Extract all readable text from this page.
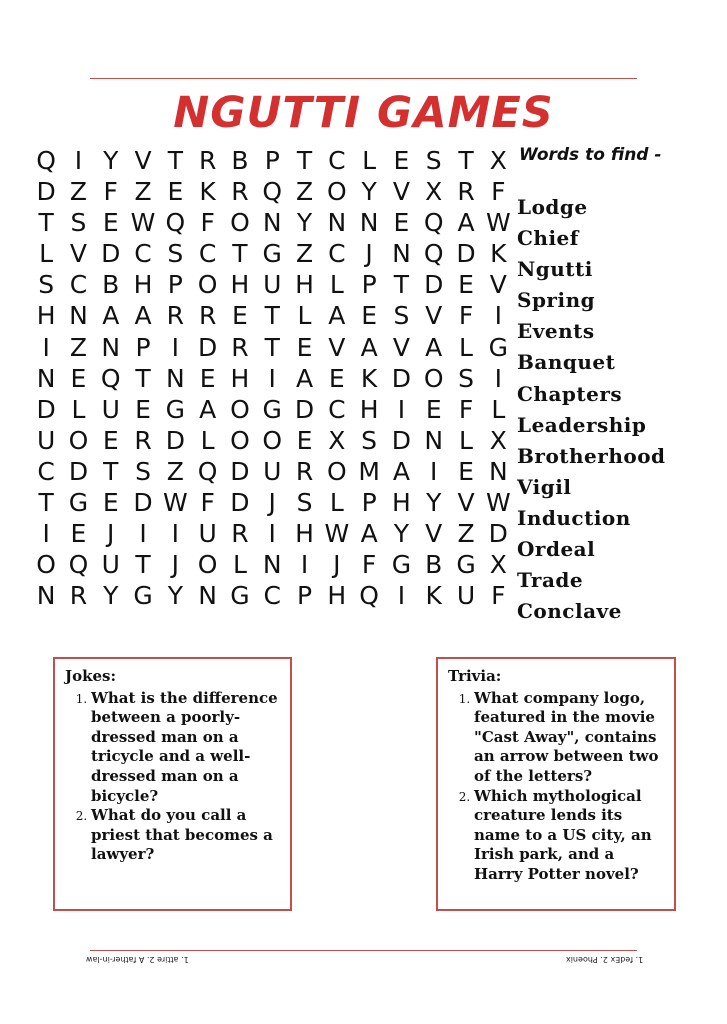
NGUTTI GAMES
Q I Y V T R B P T C L E S T X
D Z F Z E K R Q Z O Y V X R F
T S E W Q F O N Y N N E Q A W
L V D C S C T G Z C J N Q D K
S C B H P O H U H L P T D E V
H N A A R R E T L A E S V F I
I Z N P I D R T E V A V A L G
N E Q T N E H I A E K D O S I
D L U E G A O G D C H I E F L
U O E R D L O O E X S D N L X
C D T S Z Q D U R O M A I E N
T G E D W F D J S L P H Y V W
I E J I I U R I H W A Y V Z D
O Q U T J O L N I J F G B G X
N R Y G Y N G C P H Q I K U F
Words to find -
Lodge
Chief
Ngutti
Spring
Events
Banquet
Chapters
Leadership
Brotherhood
Vigil
Induction
Ordeal
Trade
Conclave
Jokes:
1. What is the difference between a poorly-dressed man on a tricycle and a well-dressed man on a bicycle?
2. What do you call a priest that becomes a lawyer?
Trivia:
1. What company logo, featured in the movie "Cast Away", contains an arrow between two of the letters?
2. Which mythological creature lends its name to a US city, an Irish park, and a Harry Potter novel?
1. attire 2. A father-in-law	1. fedEx 2. Phoenix
